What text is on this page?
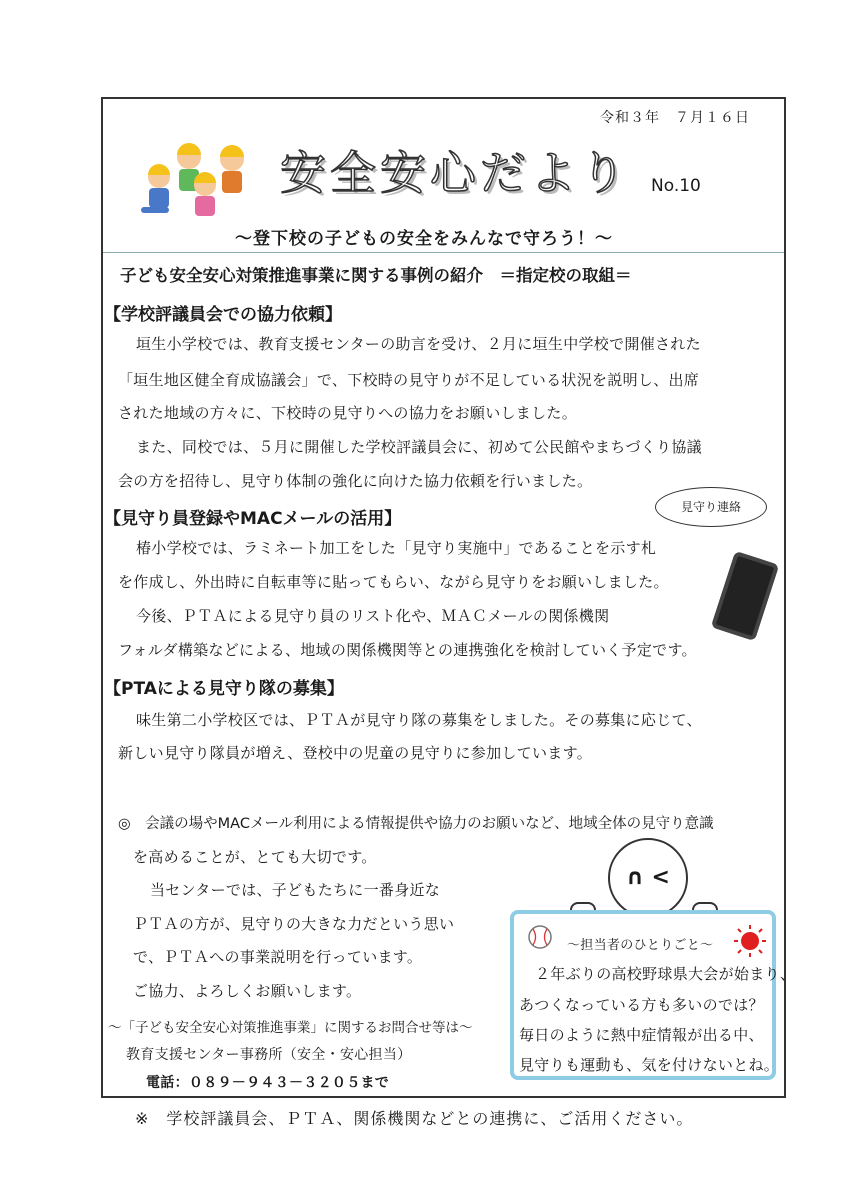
令和３年　７月１６日
安全安心だより No.10
～登下校の子どもの安全をみんなで守ろう！～
子ども安全安心対策推進事業に関する事例の紹介　＝指定校の取組＝
【学校評議員会での協力依頼】
垣生小学校では、教育支援センターの助言を受け、２月に垣生中学校で開催された
「垣生地区健全育成協議会」で、下校時の見守りが不足している状況を説明し、出席
された地域の方々に、下校時の見守りへの協力をお願いしました。
また、同校では、５月に開催した学校評議員会に、初めて公民館やまちづくり協議
会の方を招待し、見守り体制の強化に向けた協力依頼を行いました。
【見守り員登録やMACメールの活用】
見守り連絡
椿小学校では、ラミネート加工をした「見守り実施中」であることを示す札
を作成し、外出時に自転車等に貼ってもらい、ながら見守りをお願いしました。
今後、ＰＴＡによる見守り員のリスト化や、ＭＡＣメールの関係機関
フォルダ構築などによる、地域の関係機関等との連携強化を検討していく予定です。
【PTAによる見守り隊の募集】
味生第二小学校区では、ＰＴＡが見守り隊の募集をしました。その募集に応じて、
新しい見守り隊員が増え、登校中の児童の見守りに参加しています。
◎　会議の場やMACメール利用による情報提供や協力のお願いなど、地域全体の見守り意識
を高めることが、とても大切です。
当センターでは、子どもたちに一番身近な
ＰＴＡの方が、見守りの大きな力だという思い
で、ＰＴＡへの事業説明を行っています。
ご協力、よろしくお願いします。
～「子ども安全安心対策推進事業」に関するお問合せ等は～
教育支援センター事務所（安全・安心担当）
電話：０８９－９４３－３２０５まで
∩ <
～担当者のひとりごと～
２年ぶりの高校野球県大会が始まり、
あつくなっている方も多いのでは？
毎日のように熱中症情報が出る中、
見守りも運動も、気を付けないとね。
※　学校評議員会、ＰＴＡ、関係機関などとの連携に、ご活用ください。
